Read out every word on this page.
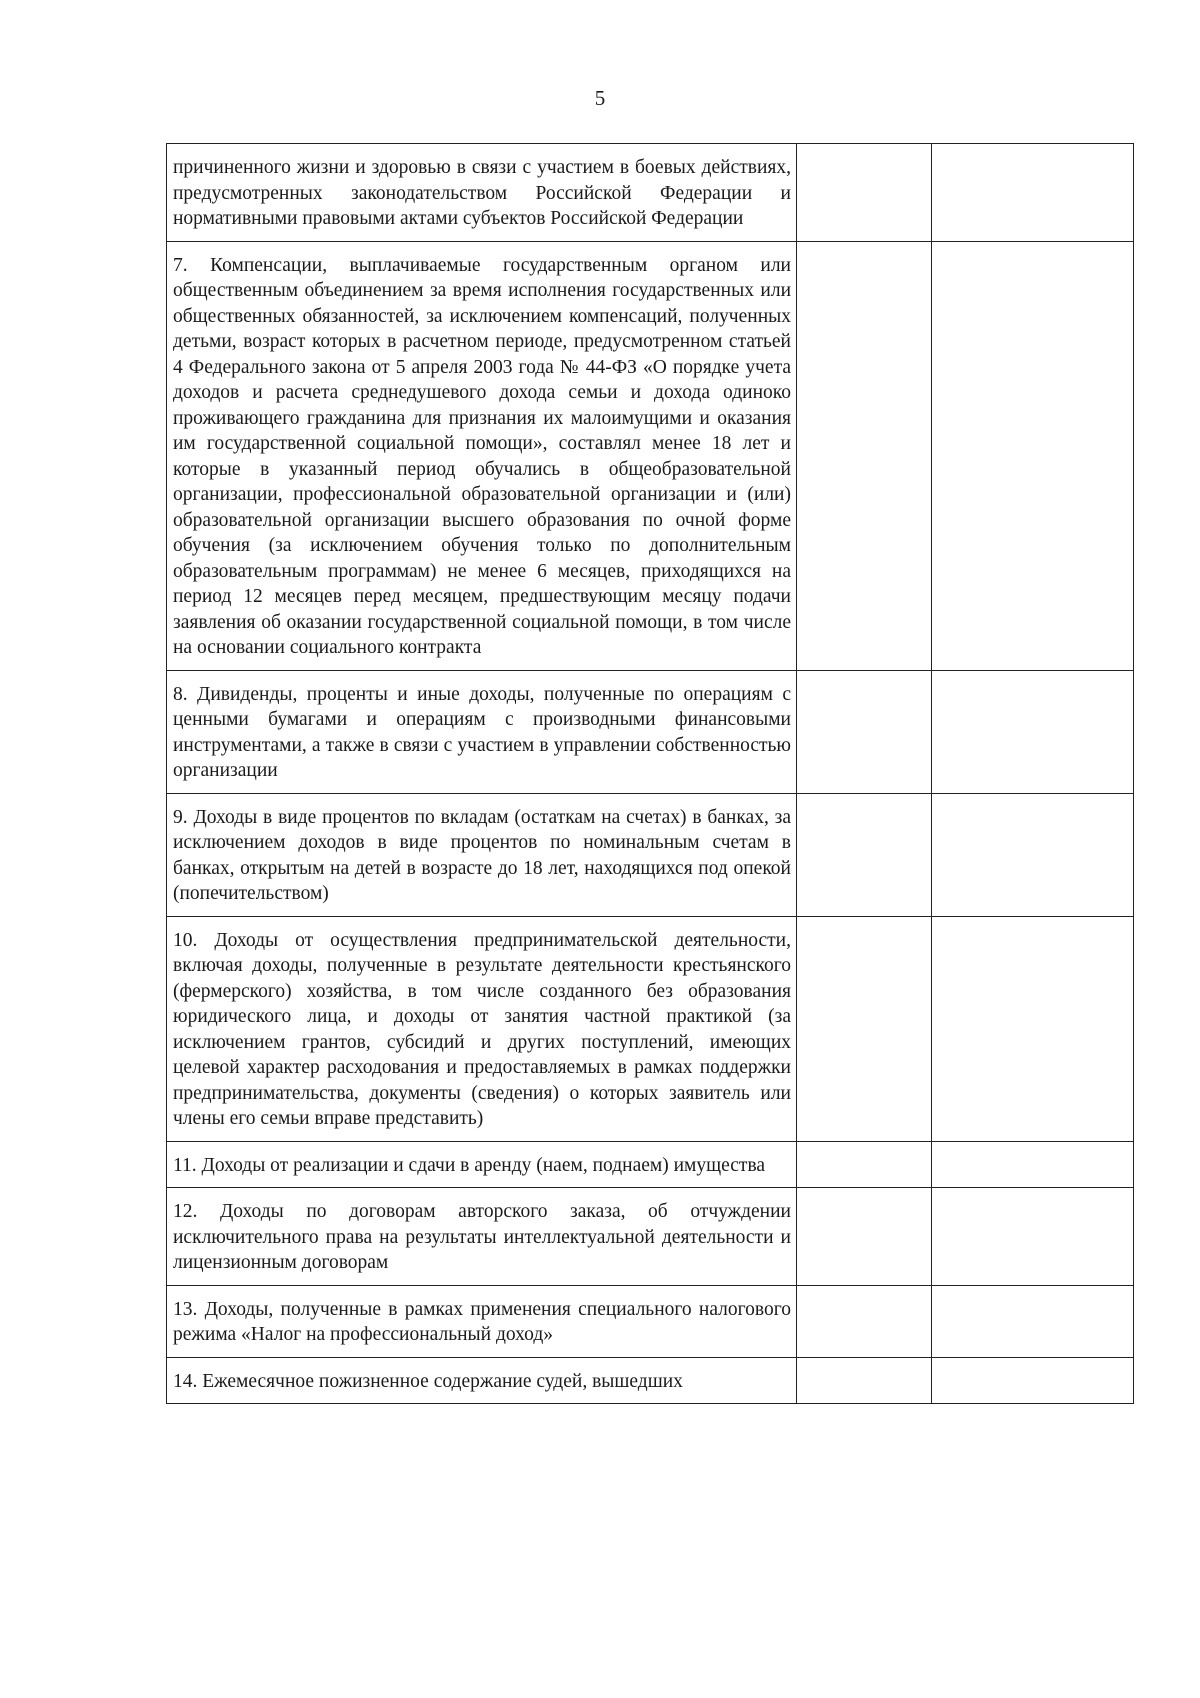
5
причиненного жизни и здоровью в связи с участием в боевых действиях, предусмотренных законодательством Российской Федерации и нормативными правовыми актами субъектов Российской Федерации		
7. Компенсации, выплачиваемые государственным органом или общественным объединением за время исполнения государственных или общественных обязанностей, за исключением компенсаций, полученных детьми, возраст которых в расчетном периоде, предусмотренном статьей 4 Федерального закона от 5 апреля 2003 года № 44-ФЗ «О порядке учета доходов и расчета среднедушевого дохода семьи и дохода одиноко проживающего гражданина для признания их малоимущими и оказания им государственной социальной помощи», составлял менее 18 лет и которые в указанный период обучались в общеобразовательной организации, профессиональной образовательной организации и (или) образовательной организации высшего образования по очной форме обучения (за исключением обучения только по дополнительным образовательным программам) не менее 6 месяцев, приходящихся на период 12 месяцев перед месяцем, предшествующим месяцу подачи заявления об оказании государственной социальной помощи, в том числе на основании социального контракта		
8. Дивиденды, проценты и иные доходы, полученные по операциям с ценными бумагами и операциям с производными финансовыми инструментами, а также в связи с участием в управлении собственностью организации		
9. Доходы в виде процентов по вкладам (остаткам на счетах) в банках, за исключением доходов в виде процентов по номинальным счетам в банках, открытым на детей в возрасте до 18 лет, находящихся под опекой (попечительством)		
10. Доходы от осуществления предпринимательской деятельности, включая доходы, полученные в результате деятельности крестьянского (фермерского) хозяйства, в том числе созданного без образования юридического лица, и доходы от занятия частной практикой (за исключением грантов, субсидий и других поступлений, имеющих целевой характер расходования и предоставляемых в рамках поддержки предпринимательства, документы (сведения) о которых заявитель или члены его семьи вправе представить)		
11. Доходы от реализации и сдачи в аренду (наем, поднаем) имущества		
12. Доходы по договорам авторского заказа, об отчуждении исключительного права на результаты интеллектуальной деятельности и лицензионным договорам		
13. Доходы, полученные в рамках применения специального налогового режима «Налог на профессиональный доход»		
14. Ежемесячное пожизненное содержание судей, вышедших		
